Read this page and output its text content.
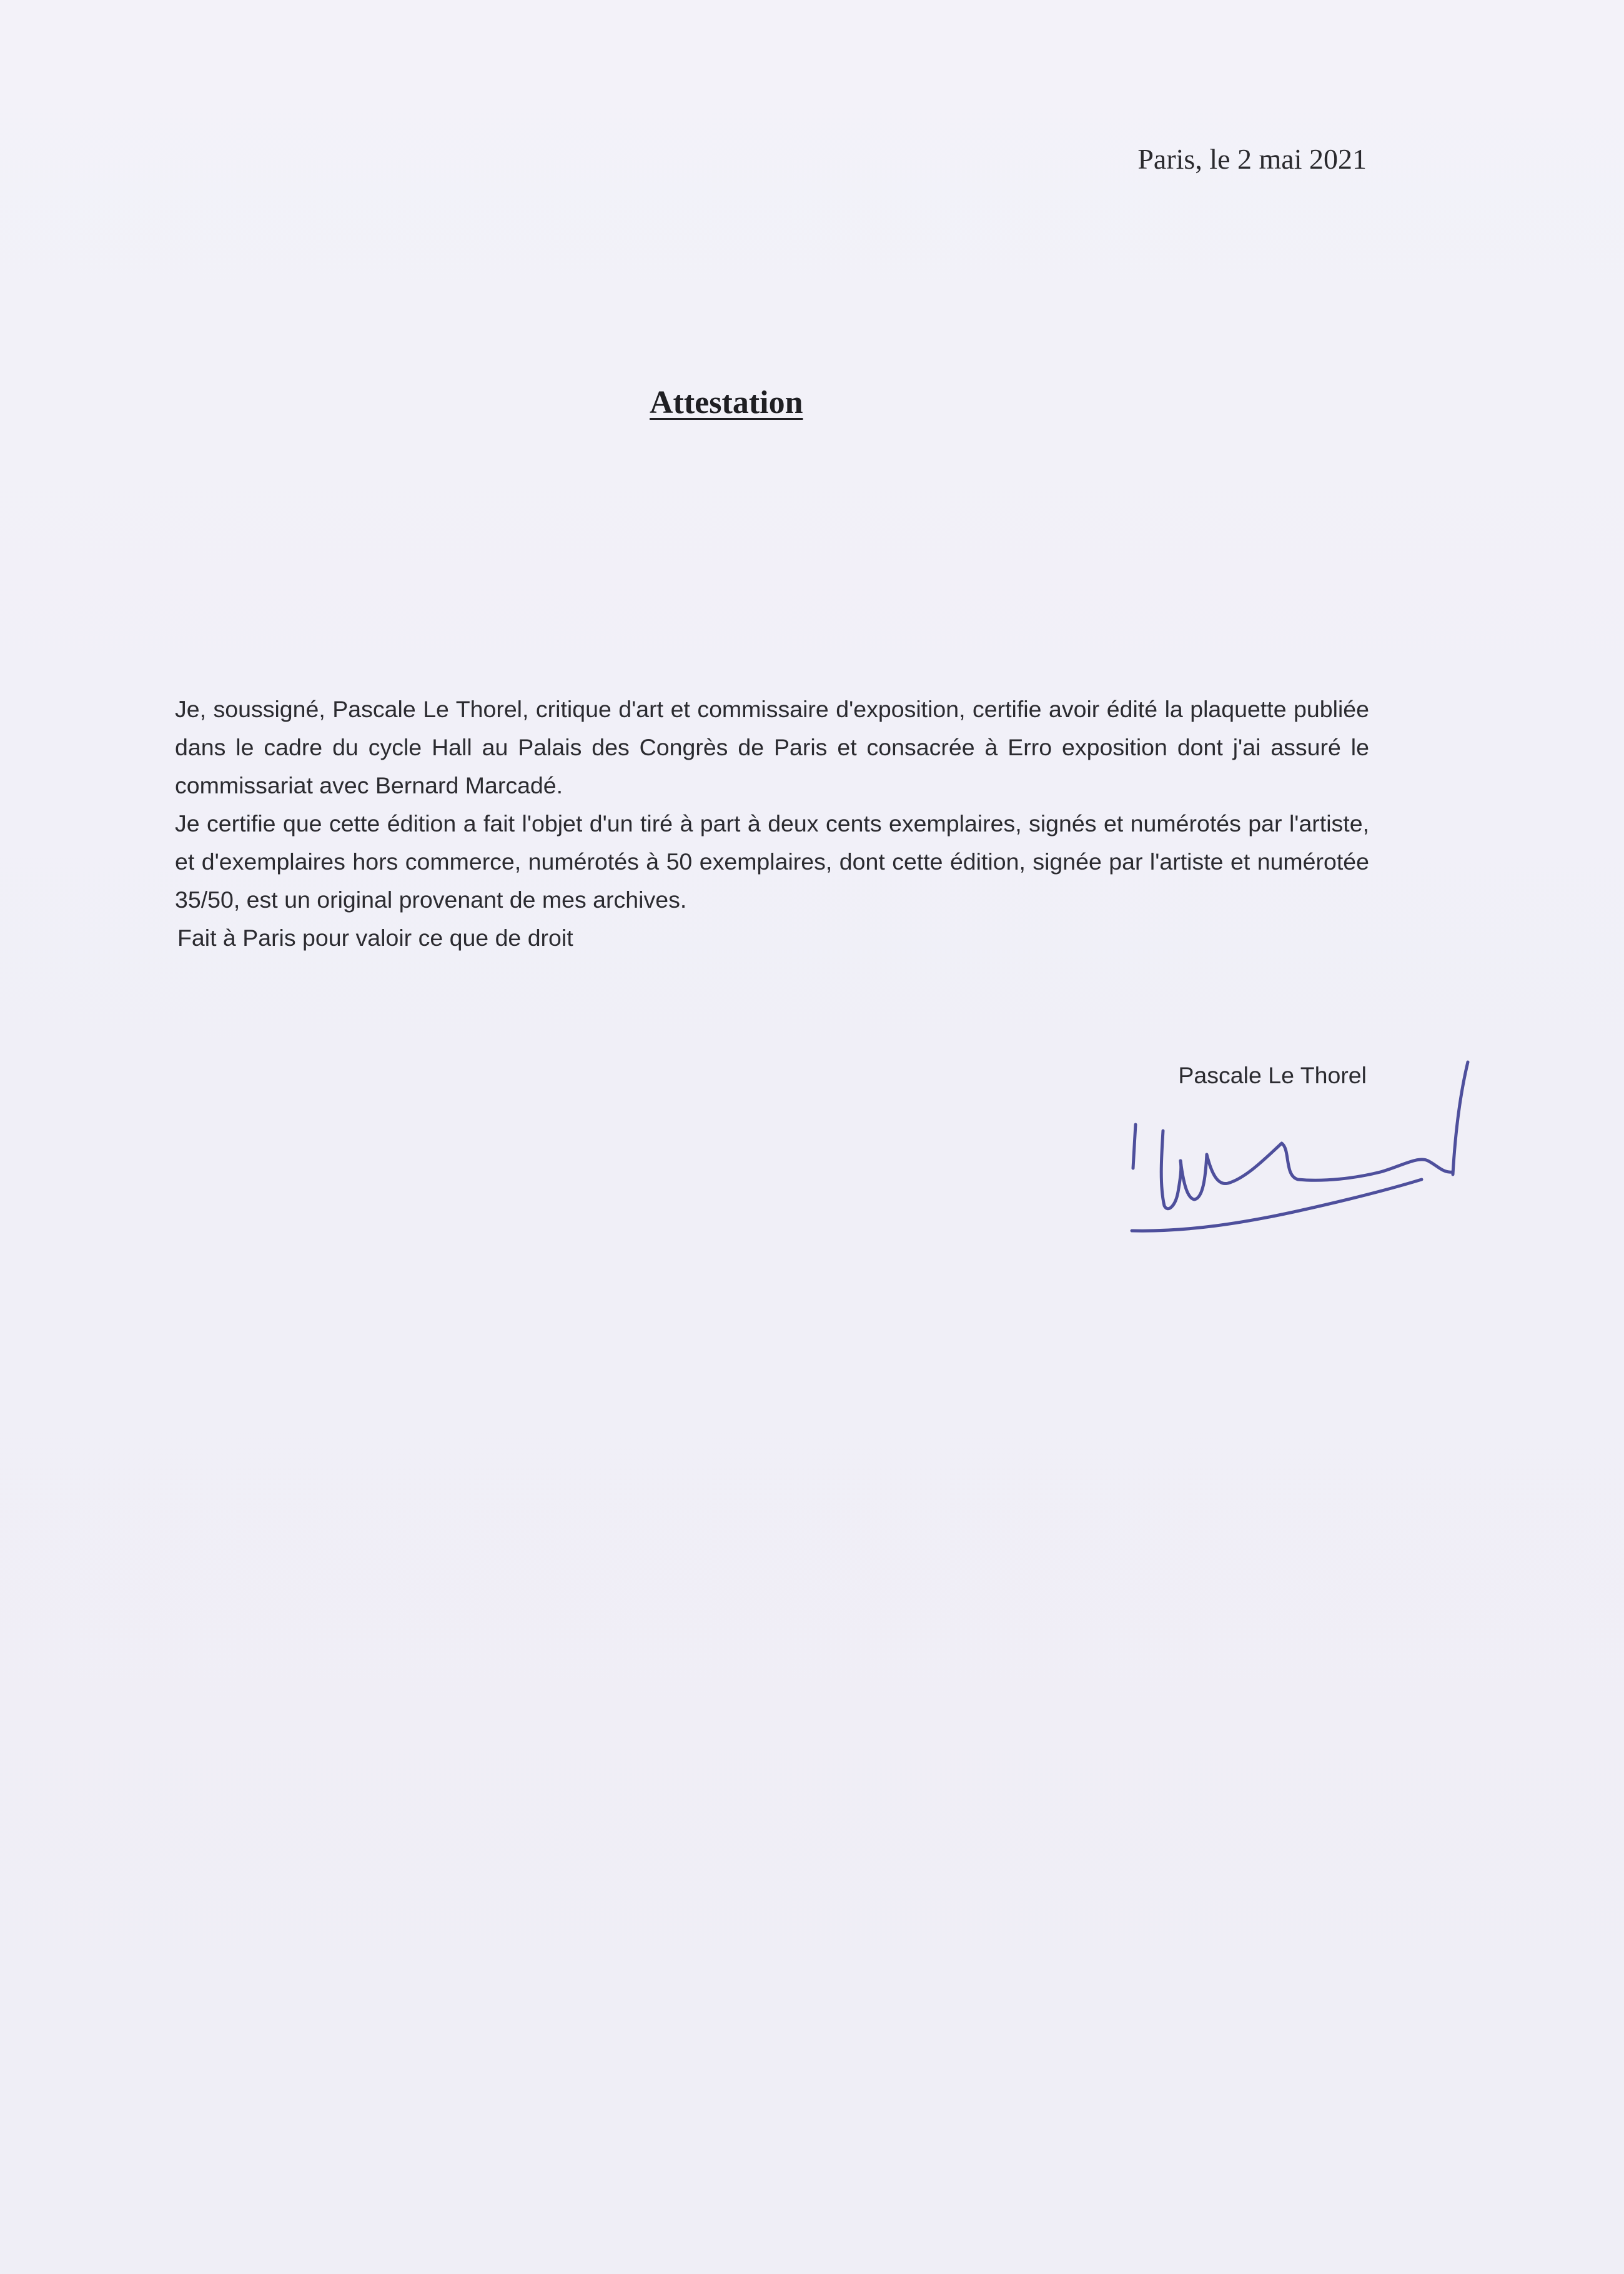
Paris, le 2 mai 2021
Attestation

Je, soussigné, Pascale Le Thorel, critique d'art et commissaire d'exposition, certifie avoir édité la plaquette publiée dans le cadre du cycle Hall au Palais des Congrès de Paris et consacrée à Erro exposition dont j'ai assuré le commissariat avec Bernard Marcadé.

Je certifie que cette édition a fait l'objet d'un tiré à part à deux cents exemplaires, signés et numérotés par l'artiste, et d'exemplaires hors commerce, numérotés à 50 exemplaires, dont cette édition, signée par l'artiste et numérotée 35/50, est un original provenant de mes archives.

Fait à Paris pour valoir ce que de droit

Pascale Le Thorel
